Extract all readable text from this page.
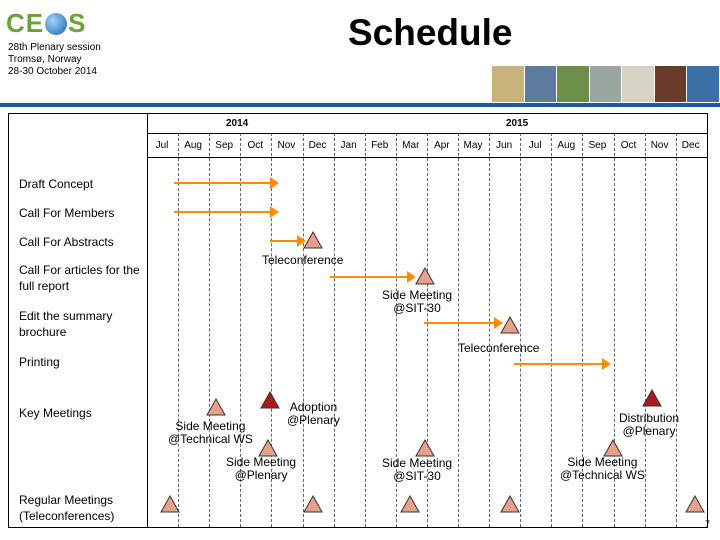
CE S
28th Plenary session
Tromsø, Norway
28-30 October 2014
Schedule
2014	2015
Jul	Aug	Sep	Oct	Nov	Dec	Jan	Feb	Mar	Apr	May	Jun	Jul	Aug	Sep	Oct	Nov	Dec
Draft Concept
Call For Members
Call For Abstracts
Call For articles for the full report
Edit the summary brochure
Printing
Key Meetings
Regular Meetings (Teleconferences)
Teleconference
Side Meeting
@SIT-30
Teleconference
Adoption
@Plenary
Side Meeting
@Technical WS
Distribution
@Plenary
Side Meeting
@Plenary
Side Meeting
@SIT-30
Side Meeting
@Technical WS
7
